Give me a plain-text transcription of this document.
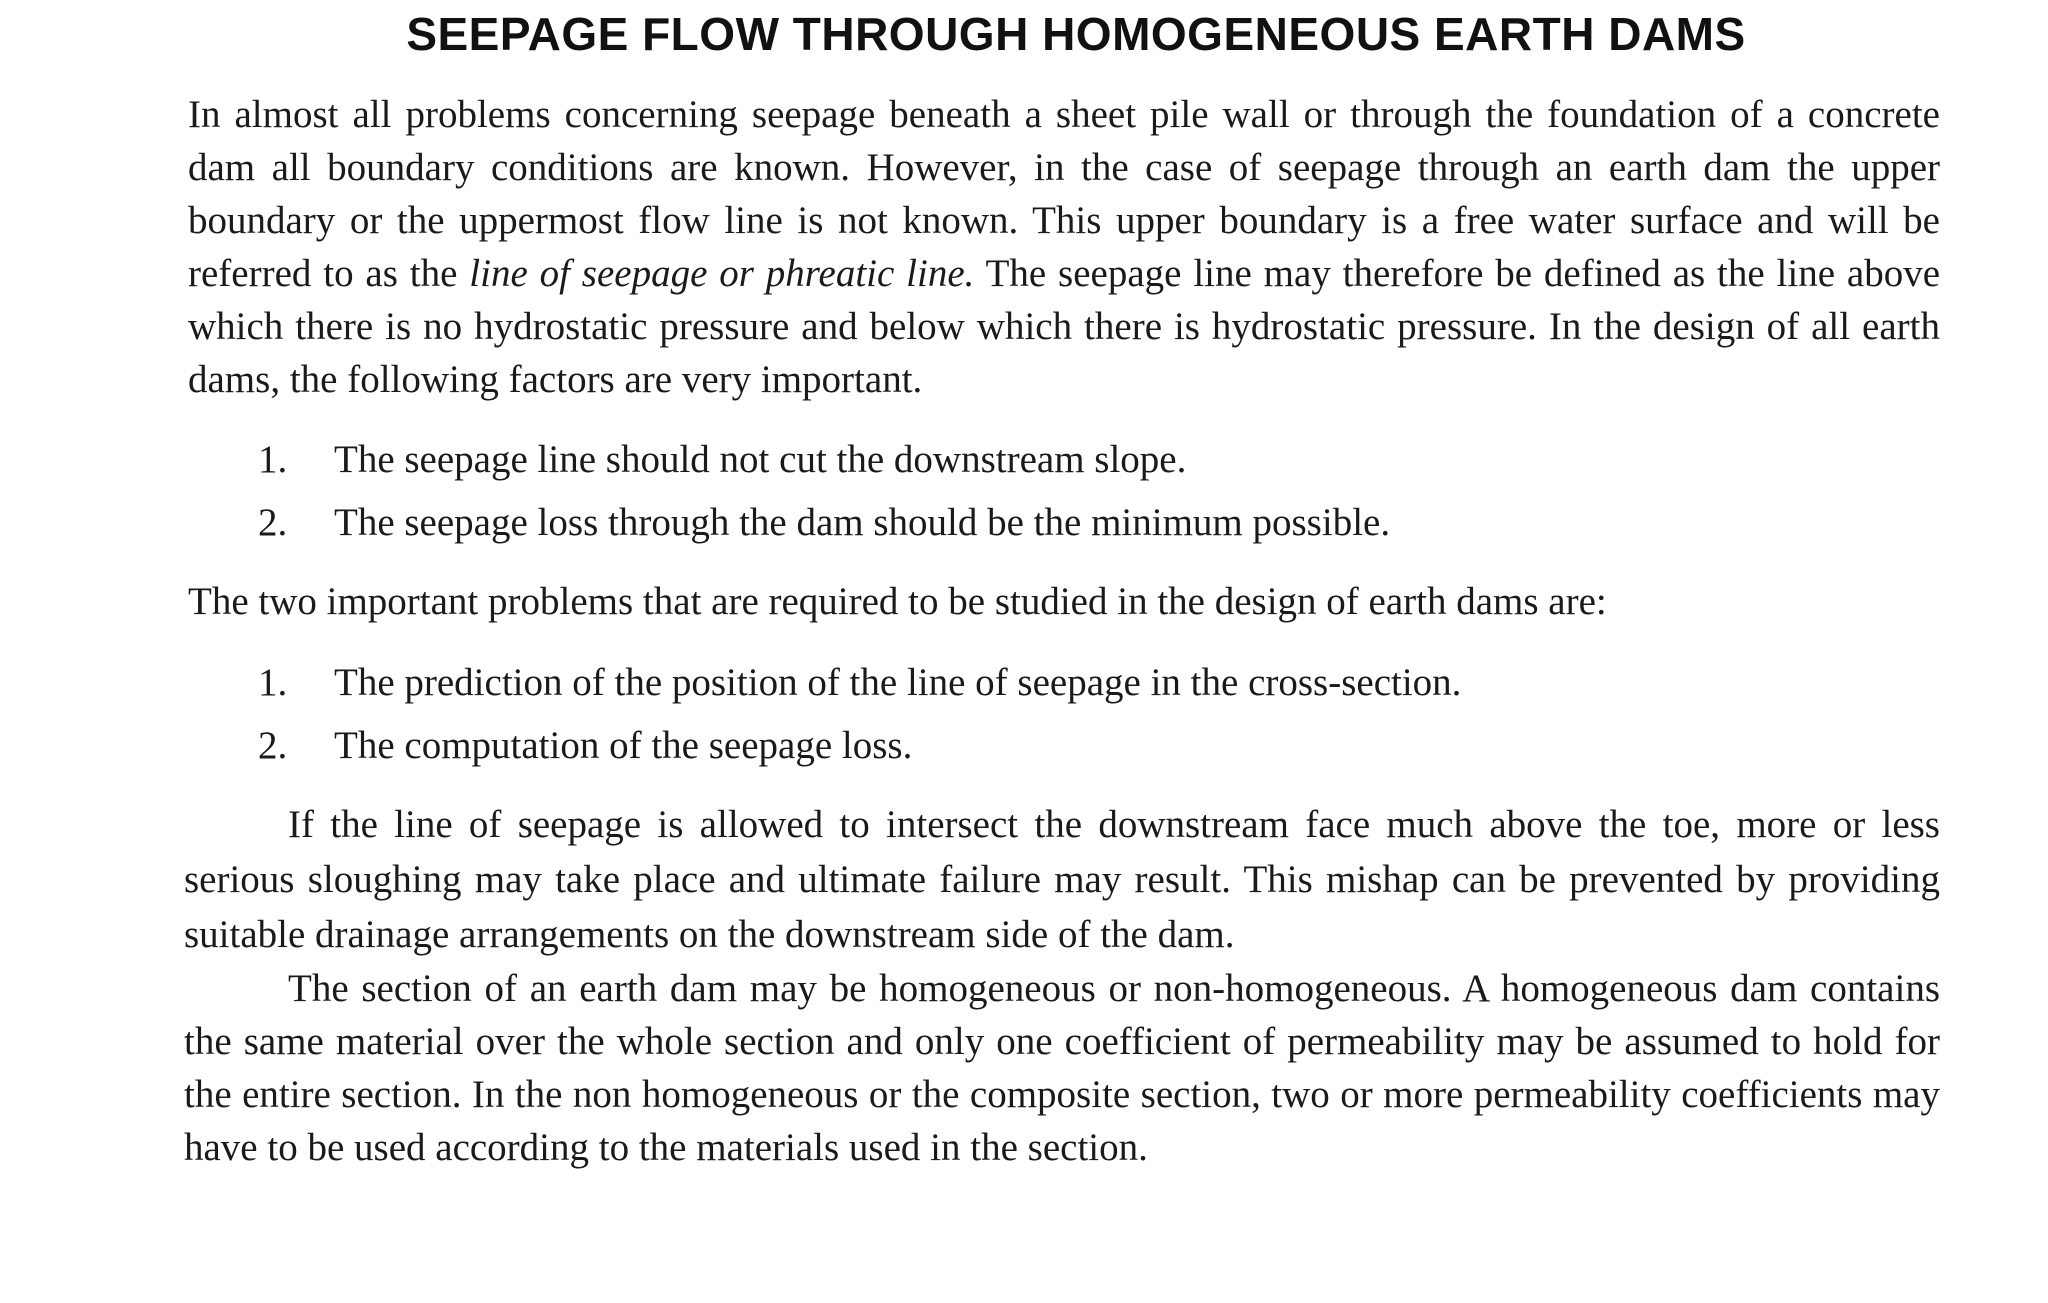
SEEPAGE FLOW THROUGH HOMOGENEOUS EARTH DAMS

In almost all problems concerning seepage beneath a sheet pile wall or through the foundation of a concrete dam all boundary conditions are known. However, in the case of seepage through an earth dam the upper boundary or the uppermost flow line is not known. This upper boundary is a free water surface and will be referred to as the line of seepage or phreatic line. The seepage line may therefore be defined as the line above which there is no hydrostatic pressure and below which there is hydrostatic pressure. In the design of all earth dams, the following factors are very important.

1. The seepage line should not cut the downstream slope.
2. The seepage loss through the dam should be the minimum possible.

The two important problems that are required to be studied in the design of earth dams are:

1. The prediction of the position of the line of seepage in the cross-section.
2. The computation of the seepage loss.

If the line of seepage is allowed to intersect the downstream face much above the toe, more or less serious sloughing may take place and ultimate failure may result. This mishap can be prevented by providing suitable drainage arrangements on the downstream side of the dam.

The section of an earth dam may be homogeneous or non-homogeneous. A homogeneous dam contains the same material over the whole section and only one coefficient of permeability may be assumed to hold for the entire section. In the non homogeneous or the composite section, two or more permeability coefficients may have to be used according to the materials used in the section.
